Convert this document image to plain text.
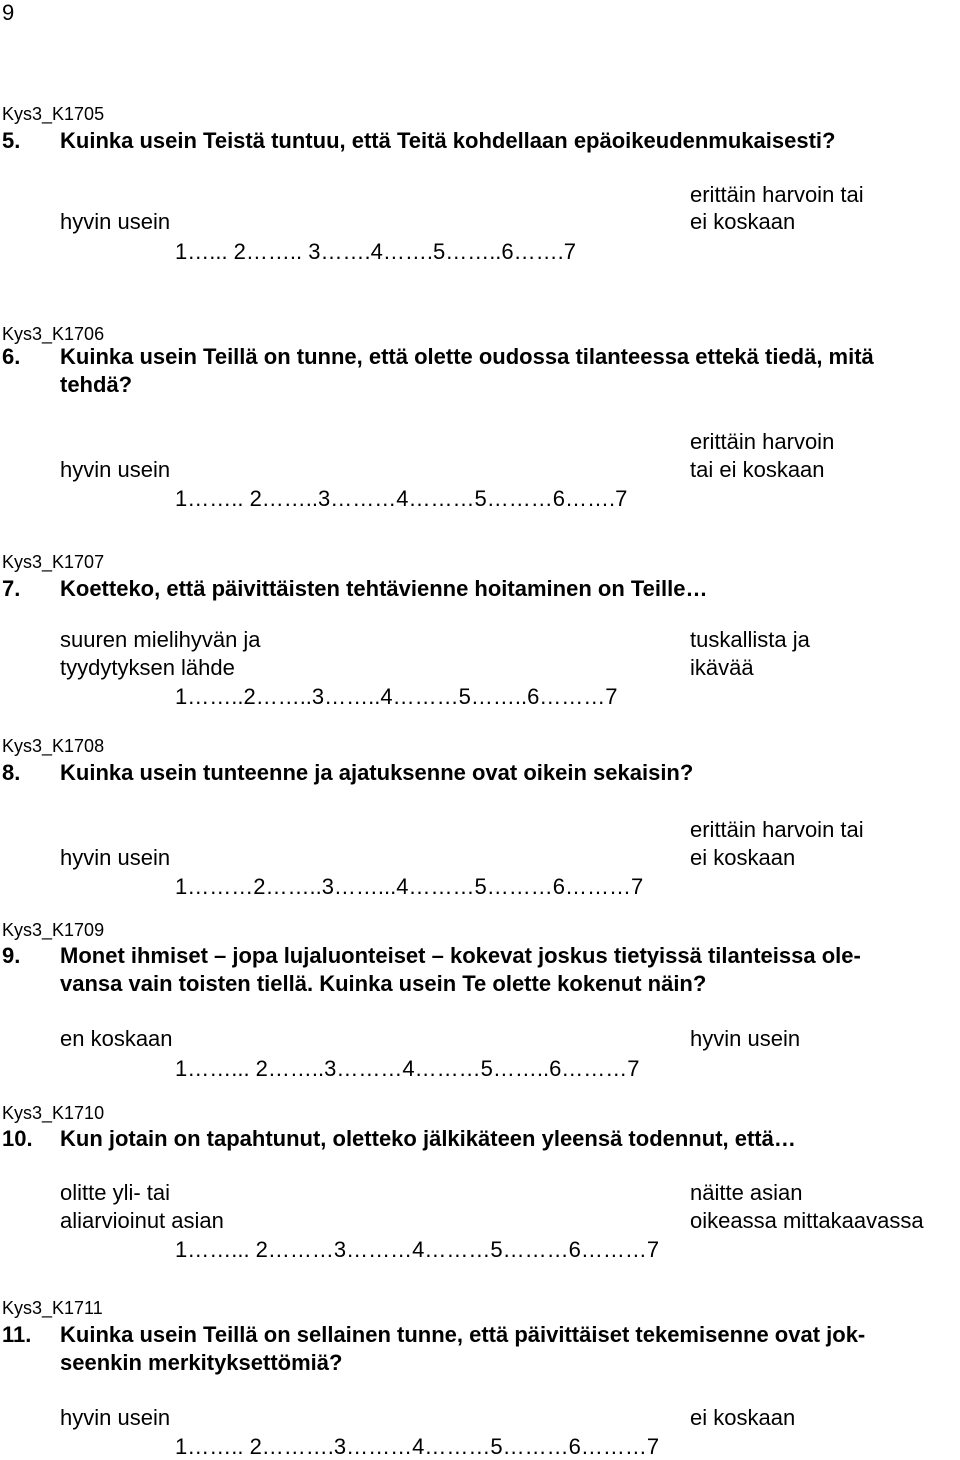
9
Kys3_K1705
5. Kuinka usein Teistä tuntuu, että Teitä kohdellaan epäoikeudenmukaisesti?
hyvin usein
erittäin harvoin tai
ei koskaan
1…... 2…….. 3…….4…….5……..6…….7
Kys3_K1706
6. Kuinka usein Teillä on tunne, että olette oudossa tilanteessa ettekä tiedä, mitä
tehdä?
hyvin usein
erittäin harvoin
tai ei koskaan
1…….. 2……..3………4………5………6…….7
Kys3_K1707
7. Koetteko, että päivittäisten tehtävienne hoitaminen on Teille…
suuren mielihyvän ja
tyydytyksen lähde
tuskallista ja
ikävää
1……..2……..3……..4………5……..6………7
Kys3_K1708
8. Kuinka usein tunteenne ja ajatuksenne ovat oikein sekaisin?
hyvin usein
erittäin harvoin tai
ei koskaan
1………2……..3……...4………5………6………7
Kys3_K1709
9. Monet ihmiset – jopa lujaluonteiset – kokevat joskus tietyissä tilanteissa ole-
vansa vain toisten tiellä. Kuinka usein Te olette kokenut näin?
en koskaan	hyvin usein
1……... 2……..3………4………5……..6………7
Kys3_K1710
10. Kun jotain on tapahtunut, oletteko jälkikäteen yleensä todennut, että…
olitte yli- tai
aliarvioinut asian
näitte asian
oikeassa mittakaavassa
1……... 2………3………4………5………6………7
Kys3_K1711
11. Kuinka usein Teillä on sellainen tunne, että päivittäiset tekemisenne ovat jok-
seenkin merkityksettömiä?
hyvin usein	ei koskaan
1…….. 2……….3………4………5………6………7
